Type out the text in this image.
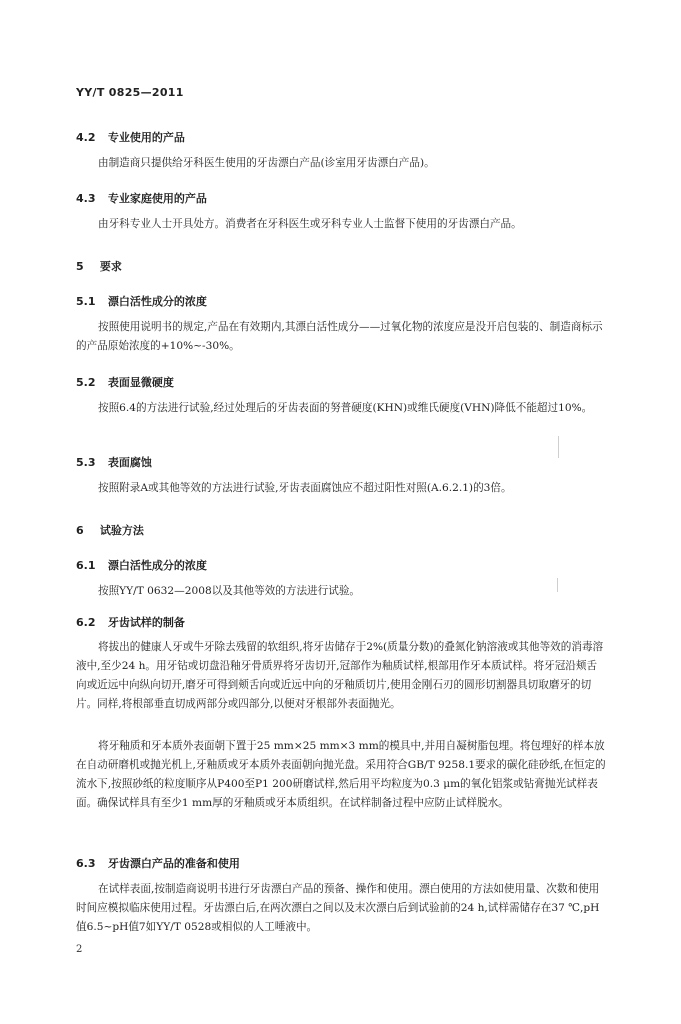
YY/T 0825—2011
4.2 专业使用的产品
由制造商只提供给牙科医生使用的牙齿漂白产品(诊室用牙齿漂白产品)。
4.3 专业家庭使用的产品
由牙科专业人士开具处方。消费者在牙科医生或牙科专业人士监督下使用的牙齿漂白产品。
5 要求
5.1 漂白活性成分的浓度
按照使用说明书的规定,产品在有效期内,其漂白活性成分——过氧化物的浓度应是没开启包装的、制造商标示的产品原始浓度的+10%~-30%。
5.2 表面显微硬度
按照6.4的方法进行试验,经过处理后的牙齿表面的努普硬度(KHN)或维氏硬度(VHN)降低不能超过10%。
5.3 表面腐蚀
按照附录A或其他等效的方法进行试验,牙齿表面腐蚀应不超过阳性对照(A.6.2.1)的3倍。
6 试验方法
6.1 漂白活性成分的浓度
按照YY/T 0632—2008以及其他等效的方法进行试验。
6.2 牙齿试样的制备
将拔出的健康人牙或牛牙除去残留的软组织,将牙齿储存于2%(质量分数)的叠氮化钠溶液或其他等效的消毒溶液中,至少24 h。用牙钻或切盘沿釉牙骨质界将牙齿切开,冠部作为釉质试样,根部用作牙本质试样。将牙冠沿颊舌向或近远中向纵向切开,磨牙可得到颊舌向或近远中向的牙釉质切片,使用金刚石刃的圆形切割器具切取磨牙的切片。同样,将根部垂直切成两部分或四部分,以便对牙根部外表面抛光。
将牙釉质和牙本质外表面朝下置于25 mm×25 mm×3 mm的模具中,并用自凝树脂包埋。将包埋好的样本放在自动研磨机或抛光机上,牙釉质或牙本质外表面朝向抛光盘。采用符合GB/T 9258.1要求的碳化硅砂纸,在恒定的流水下,按照砂纸的粒度顺序从P400至P1 200研磨试样,然后用平均粒度为0.3 μm的氧化铝浆或钻膏抛光试样表面。确保试样具有至少1 mm厚的牙釉质或牙本质组织。在试样制备过程中应防止试样脱水。
6.3 牙齿漂白产品的准备和使用
在试样表面,按制造商说明书进行牙齿漂白产品的预备、操作和使用。漂白使用的方法如使用量、次数和使用时间应模拟临床使用过程。牙齿漂白后,在两次漂白之间以及末次漂白后到试验前的24 h,试样需储存在37 ℃,pH值6.5~pH值7如YY/T 0528或相似的人工唾液中。
2
